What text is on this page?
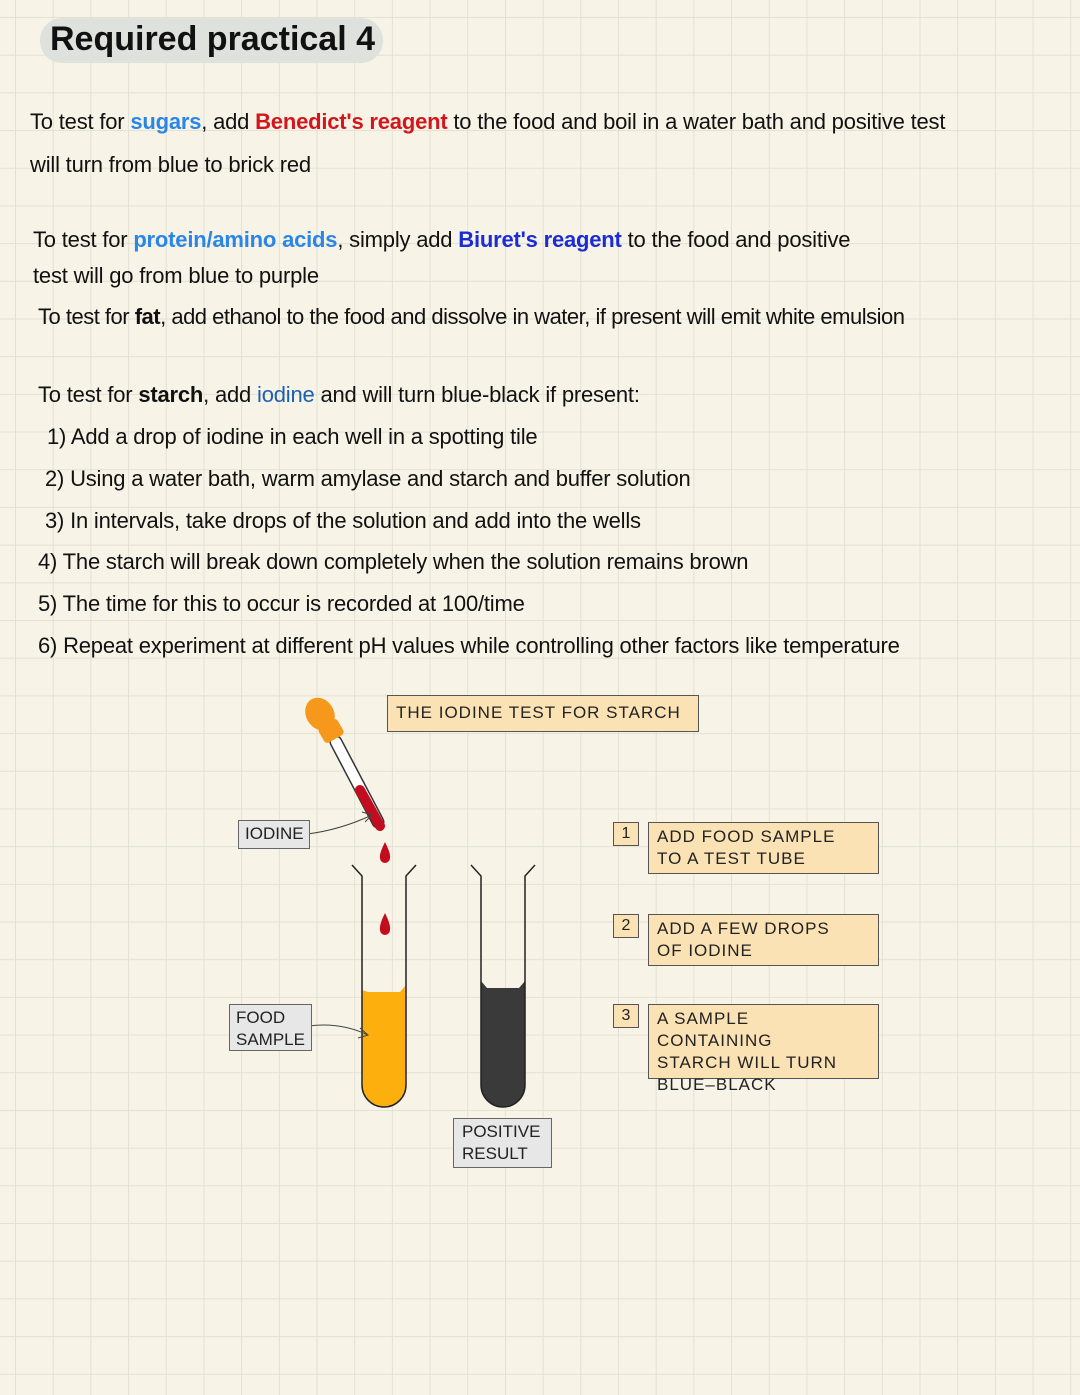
Required practical 4
To test for sugars, add Benedict's reagent to the food and boil in a water bath and positive test
will turn from blue to brick red
To test for protein/amino acids, simply add Biuret's reagent to the food and positive
test will go from blue to purple
To test for fat, add ethanol to the food and dissolve in water, if present will emit white emulsion
To test for starch, add iodine and will turn blue-black if present:
1) Add a drop of iodine in each well in a spotting tile
2) Using a water bath, warm amylase and starch and buffer solution
3) In intervals, take drops of the solution and add into the wells
4) The starch will break down completely when the solution remains brown
5) The time for this to occur is recorded at 100/time
6) Repeat experiment at different pH values while controlling other factors like temperature
THE IODINE TEST FOR STARCH
IODINE
FOOD
SAMPLE
POSITIVE
RESULT
1	ADD FOOD SAMPLE
TO A TEST TUBE
2	ADD A FEW DROPS
OF IODINE
3	A SAMPLE CONTAINING
STARCH WILL TURN
BLUE–BLACK
